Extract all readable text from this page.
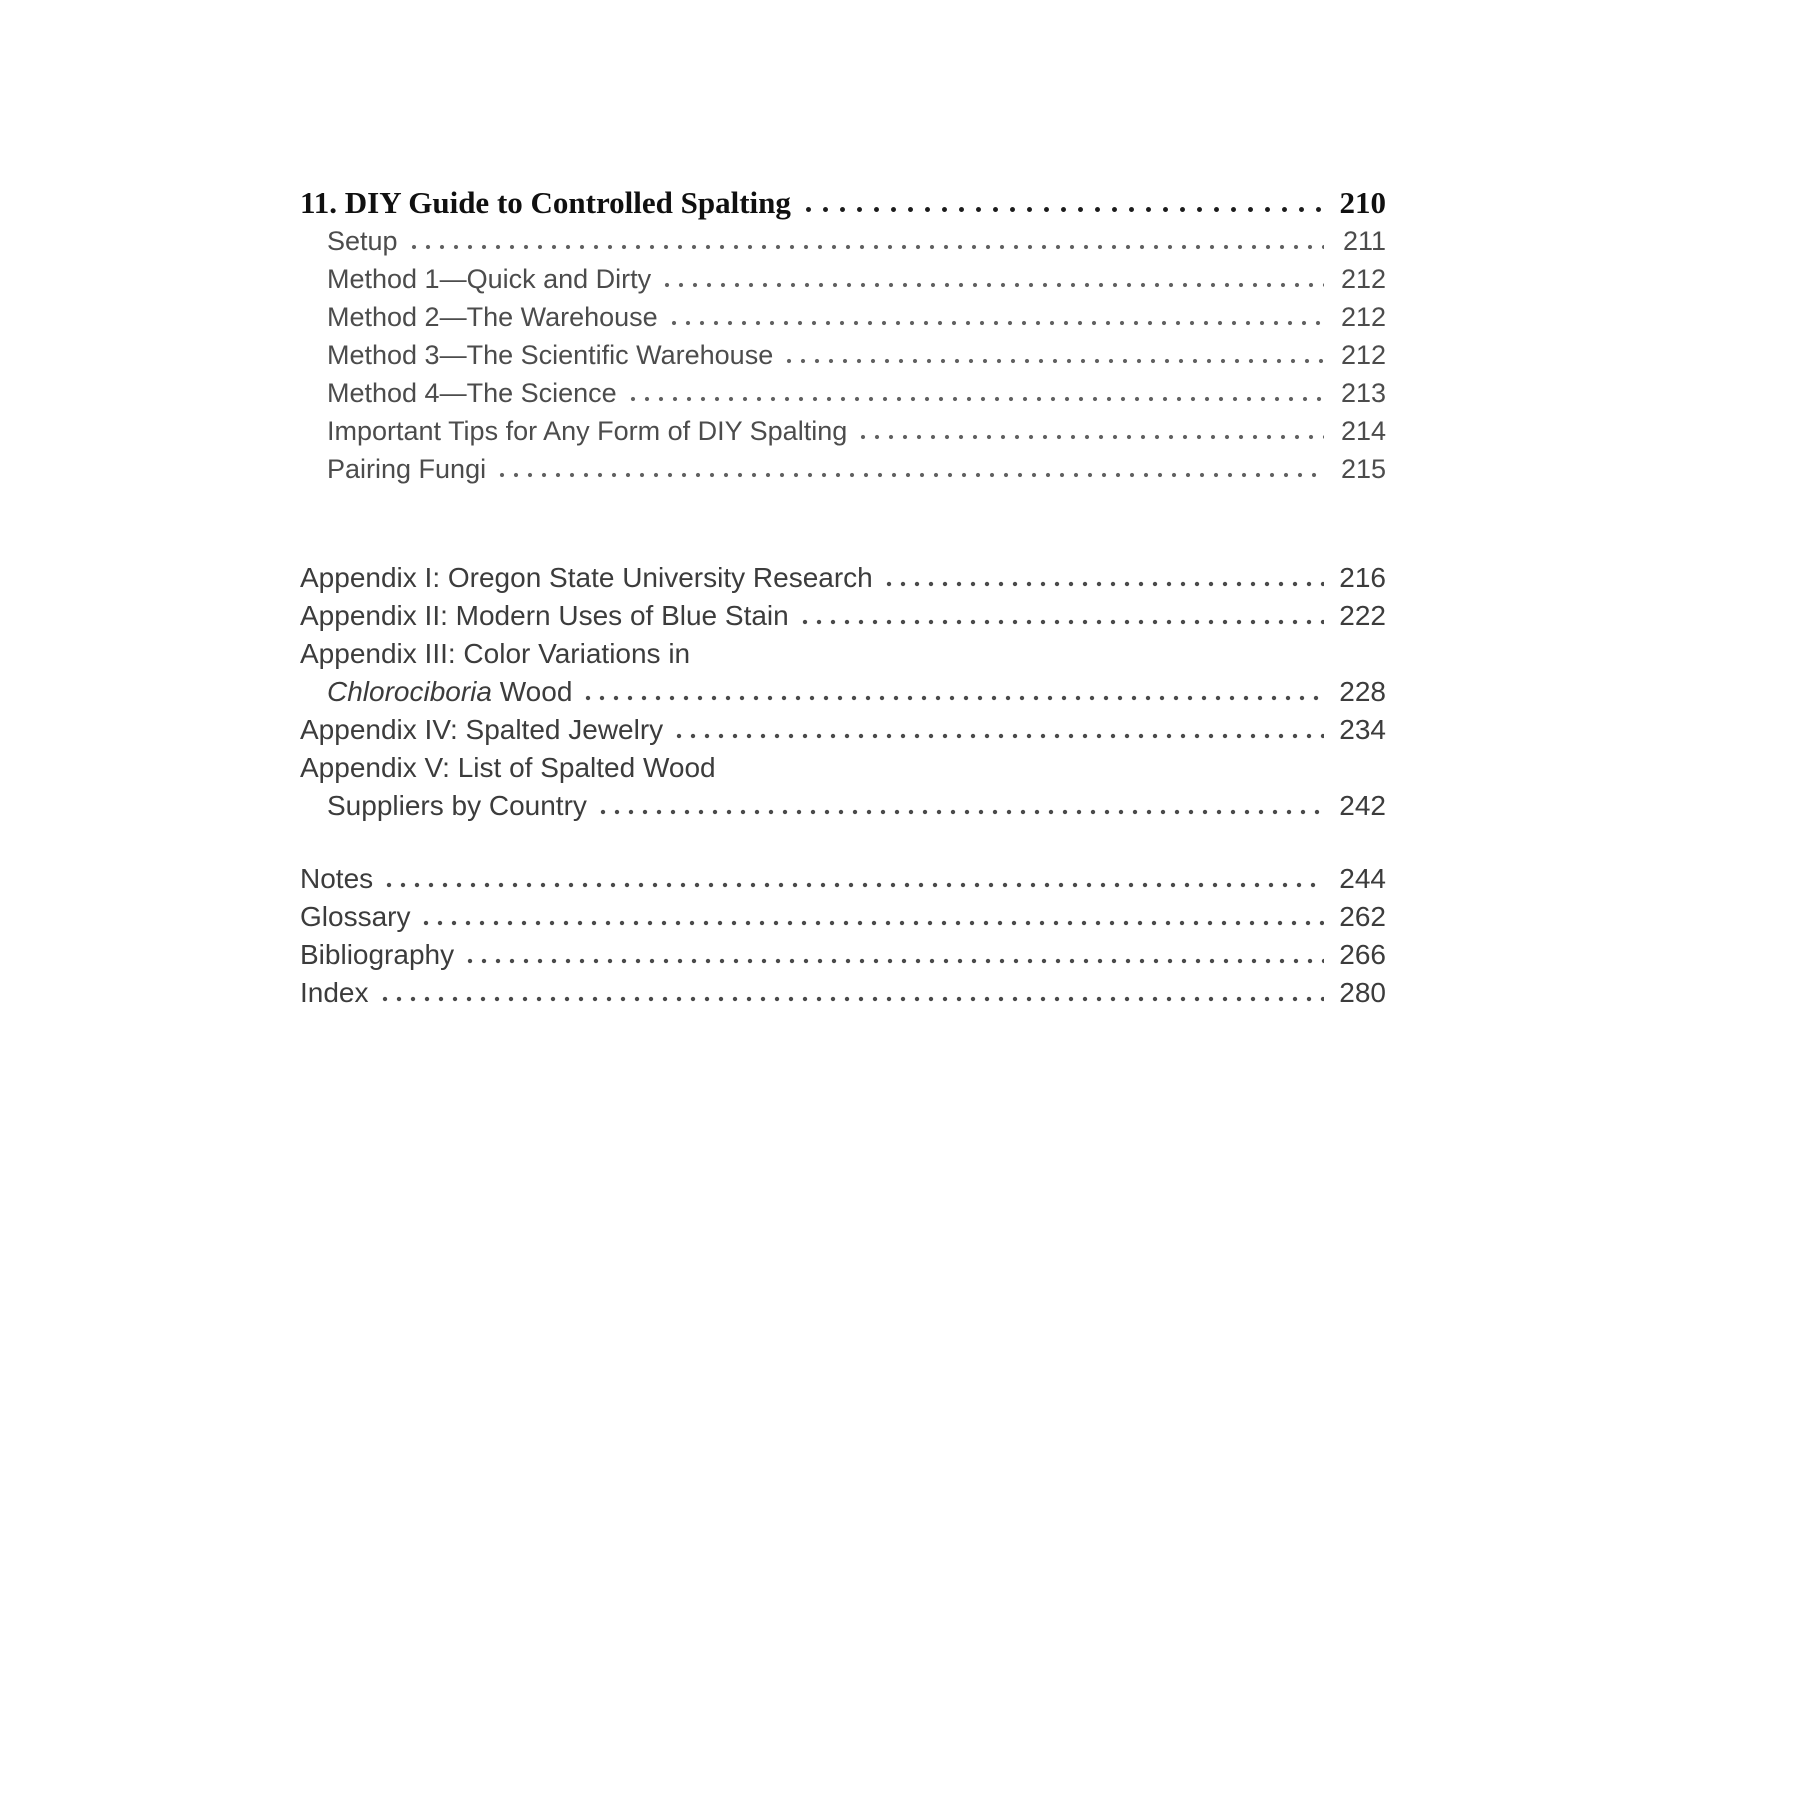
11. DIY Guide to Controlled Spalting	210
Setup	211
Method 1—Quick and Dirty	212
Method 2—The Warehouse	212
Method 3—The Scientific Warehouse	212
Method 4—The Science	213
Important Tips for Any Form of DIY Spalting	214
Pairing Fungi	215
Appendix I: Oregon State University Research	216
Appendix II: Modern Uses of Blue Stain	222
Appendix III: Color Variations in
Chlorociboria Wood	228
Appendix IV: Spalted Jewelry	234
Appendix V: List of Spalted Wood
Suppliers by Country	242
Notes	244
Glossary	262
Bibliography	266
Index	280
